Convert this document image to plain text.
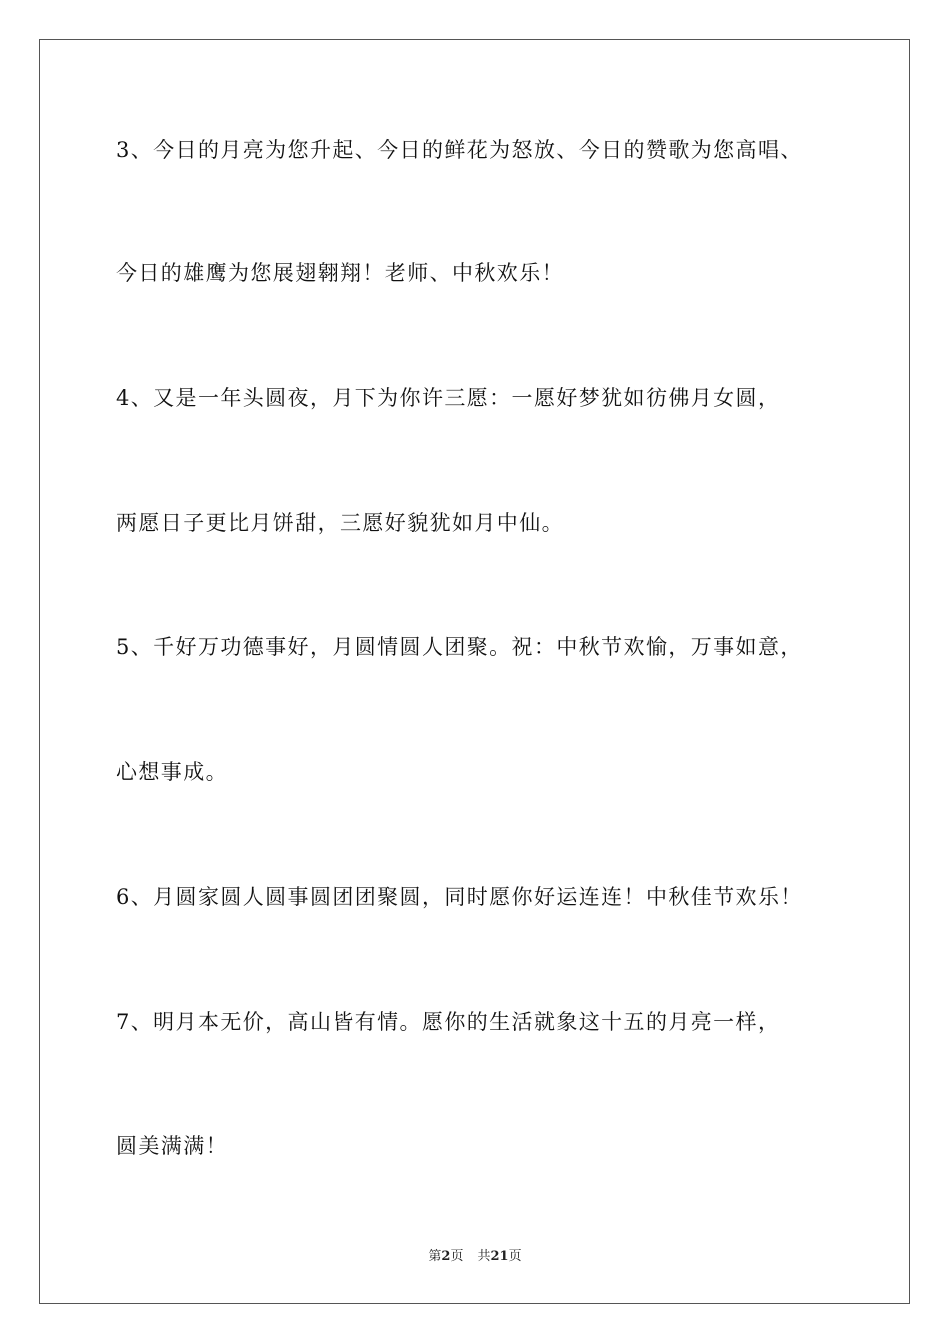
3、今日的月亮为您升起、今日的鲜花为怒放、今日的赞歌为您高唱、
今日的雄鹰为您展翅翱翔！老师、中秋欢乐！
4、又是一年头圆夜，月下为你许三愿：一愿好梦犹如彷佛月女圆，
两愿日子更比月饼甜，三愿好貌犹如月中仙。
5、千好万功德事好，月圆情圆人团聚。祝：中秋节欢愉，万事如意，
心想事成。
6、月圆家圆人圆事圆团团聚圆，同时愿你好运连连！中秋佳节欢乐！
7、明月本无价，高山皆有情。愿你的生活就象这十五的月亮一样，
圆美满满！
第2页 共21页
